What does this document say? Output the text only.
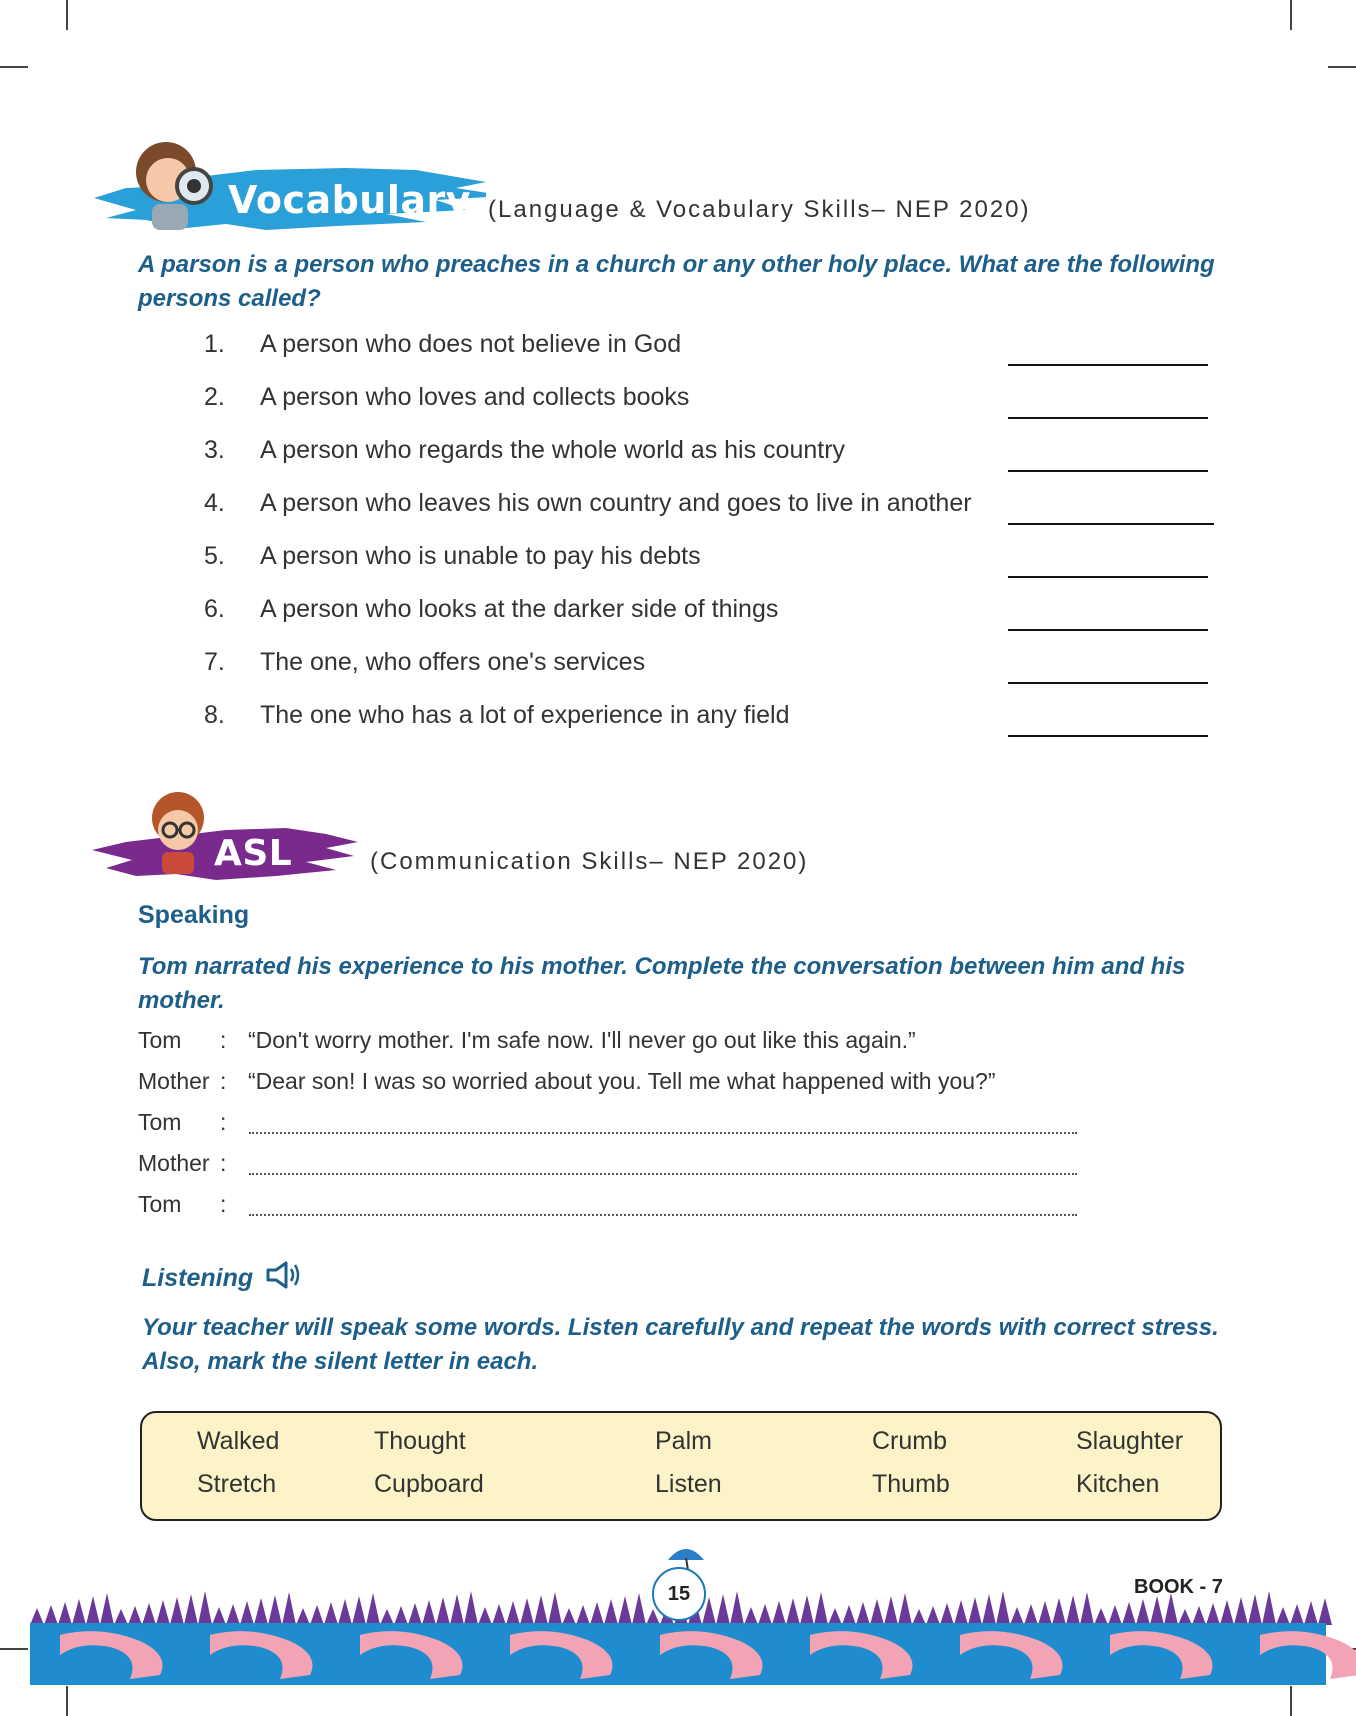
Vocabulary (Language & Vocabulary Skills– NEP 2020)
A parson is a person who preaches in a church or any other holy place. What are the following persons called?
1.	A person who does not believe in God
2.	A person who loves and collects books
3.	A person who regards the whole world as his country
4.	A person who leaves his own country and goes to live in another
5.	A person who is unable to pay his debts
6.	A person who looks at the darker side of things
7.	The one, who offers one's services
8.	The one who has a lot of experience in any field
ASL	(Communication Skills– NEP 2020)
Speaking
Tom narrated his experience to his mother. Complete the conversation between him and his mother.
Tom : “Don't worry mother. I'm safe now. I'll never go out like this again.”
Mother : “Dear son! I was so worried about you. Tell me what happened with you?”
Tom :
Mother :
Tom :
Listening
Your teacher will speak some words. Listen carefully and repeat the words with correct stress. Also, mark the silent letter in each.
Walked	Thought	Palm	Crumb	Slaughter
Stretch	Cupboard	Listen	Thumb	Kitchen
15	BOOK - 7
